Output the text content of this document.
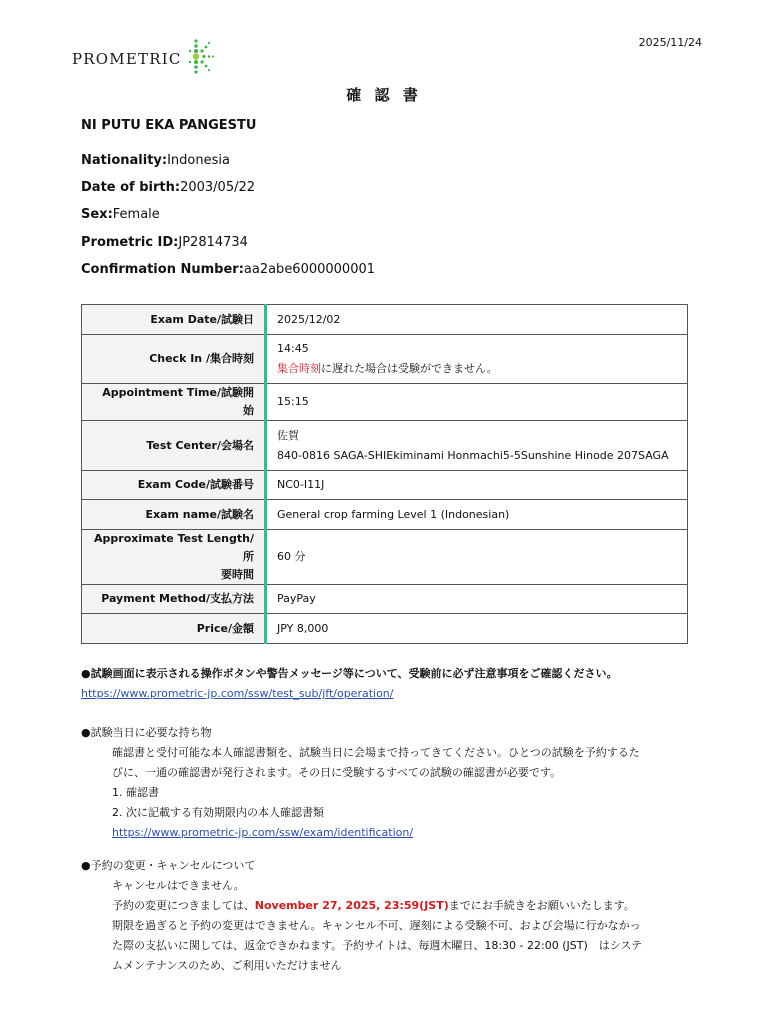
PROMETRIC
2025/11/24
確 認 書
NI PUTU EKA PANGESTU
Nationality:Indonesia
Date of birth:2003/05/22
Sex:Female
Prometric ID:JP2814734
Confirmation Number:aa2abe6000000001
Exam Date/試験日	2025/12/02
Check In /集合時刻	14:45
集合時刻に遅れた場合は受験ができません。

Appointment Time/試験開始	15:15
Test Center/会場名	佐賀
840-0816 SAGA-SHIEkiminami Honmachi5-5Sunshine Hinode 207SAGA

Exam Code/試験番号	NC0-I11J
Exam name/試験名	General crop farming Level 1 (Indonesian)

Approximate Test Length/所
要時間	60 分
Payment Method/支払方法	PayPay
Price/金額	JPY 8,000
●試験画面に表示される操作ボタンや警告メッセージ等について、受験前に必ず注意事項をご確認ください。
https://www.prometric-jp.com/ssw/test_sub/jft/operation/
●試験当日に必要な持ち物
確認書と受付可能な本人確認書類を、試験当日に会場まで持ってきてください。ひとつの試験を予約するた
びに、一通の確認書が発行されます。その日に受験するすべての試験の確認書が必要です。
1. 確認書
2. 次に記載する有効期限内の本人確認書類
https://www.prometric-jp.com/ssw/exam/identification/
●予約の変更・キャンセルについて
キャンセルはできません。
予約の変更につきましては、November 27, 2025, 23:59(JST)までにお手続きをお願いいたします。
期限を過ぎると予約の変更はできません。キャンセル不可、遅刻による受験不可、および会場に行かなかっ
た際の支払いに関しては、返金できかねます。予約サイトは、毎週木曜日、18:30 - 22:00 (JST)　はシステ
ムメンテナンスのため、ご利用いただけません
